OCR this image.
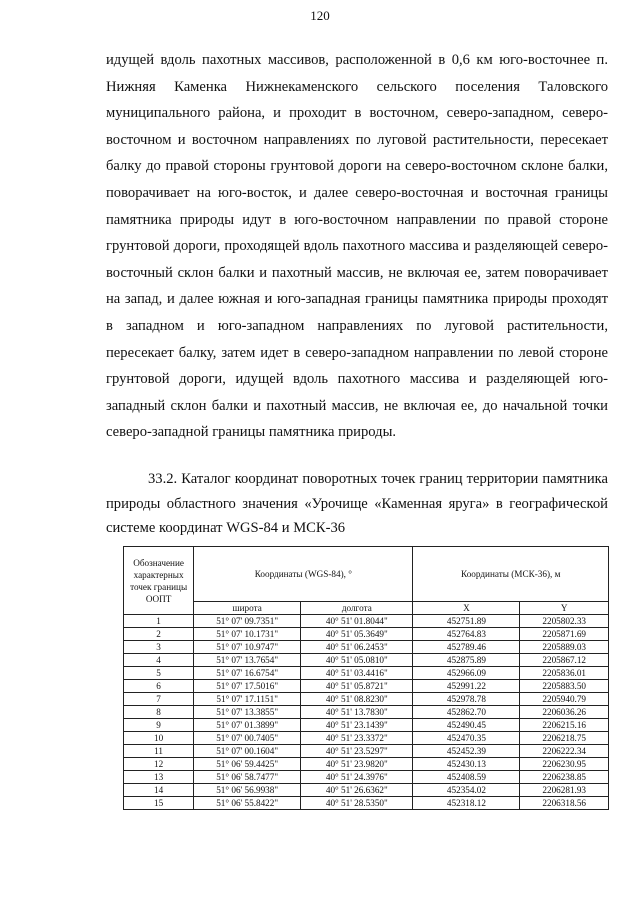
120

идущей вдоль пахотных массивов, расположенной в 0,6 км юго-восточнее п. Нижняя Каменка Нижнекаменского сельского поселения Таловского муниципального района, и проходит в восточном, северо-западном, северо-восточном и восточном направлениях по луговой растительности, пересекает балку до правой стороны грунтовой дороги на северо-восточном склоне балки, поворачивает на юго-восток, и далее северо-восточная и восточная границы памятника природы идут в юго-восточном направлении по правой стороне грунтовой дороги, проходящей вдоль пахотного массива и разделяющей северо-восточный склон балки и пахотный массив, не включая ее, затем поворачивает на запад, и далее южная и юго-западная границы памятника природы проходят в западном и юго-западном направлениях по луговой растительности, пересекает балку, затем идет в северо-западном направлении по левой стороне грунтовой дороги, идущей вдоль пахотного массива и разделяющей юго-западный склон балки и пахотный массив, не включая ее, до начальной точки северо-западной границы памятника природы.

33.2. Каталог координат поворотных точек границ территории памятника природы областного значения «Урочище «Каменная яруга» в географической системе координат WGS-84 и МСК-36

Обозначение характерных точек границы ООПТ	Координаты (WGS-84), °		Координаты (МСК-36), м	
	широта	долгота	X	Y
1	51° 07' 09.7351"	40° 51' 01.8044"	452751.89	2205802.33
2	51° 07' 10.1731"	40° 51' 05.3649"	452764.83	2205871.69
3	51° 07' 10.9747"	40° 51' 06.2453"	452789.46	2205889.03
4	51° 07' 13.7654"	40° 51' 05.0810"	452875.89	2205867.12
5	51° 07' 16.6754"	40° 51' 03.4416"	452966.09	2205836.01
6	51° 07' 17.5016"	40° 51' 05.8721"	452991.22	2205883.50
7	51° 07' 17.1151"	40° 51' 08.8230"	452978.78	2205940.79
8	51° 07' 13.3855"	40° 51' 13.7830"	452862.70	2206036.26
9	51° 07' 01.3899"	40° 51' 23.1439"	452490.45	2206215.16
10	51° 07' 00.7405"	40° 51' 23.3372"	452470.35	2206218.75
11	51° 07' 00.1604"	40° 51' 23.5297"	452452.39	2206222.34
12	51° 06' 59.4425"	40° 51' 23.9820"	452430.13	2206230.95
13	51° 06' 58.7477"	40° 51' 24.3976"	452408.59	2206238.85
14	51° 06' 56.9938"	40° 51' 26.6362"	452354.02	2206281.93
15	51° 06' 55.8422"	40° 51' 28.5350"	452318.12	2206318.56
